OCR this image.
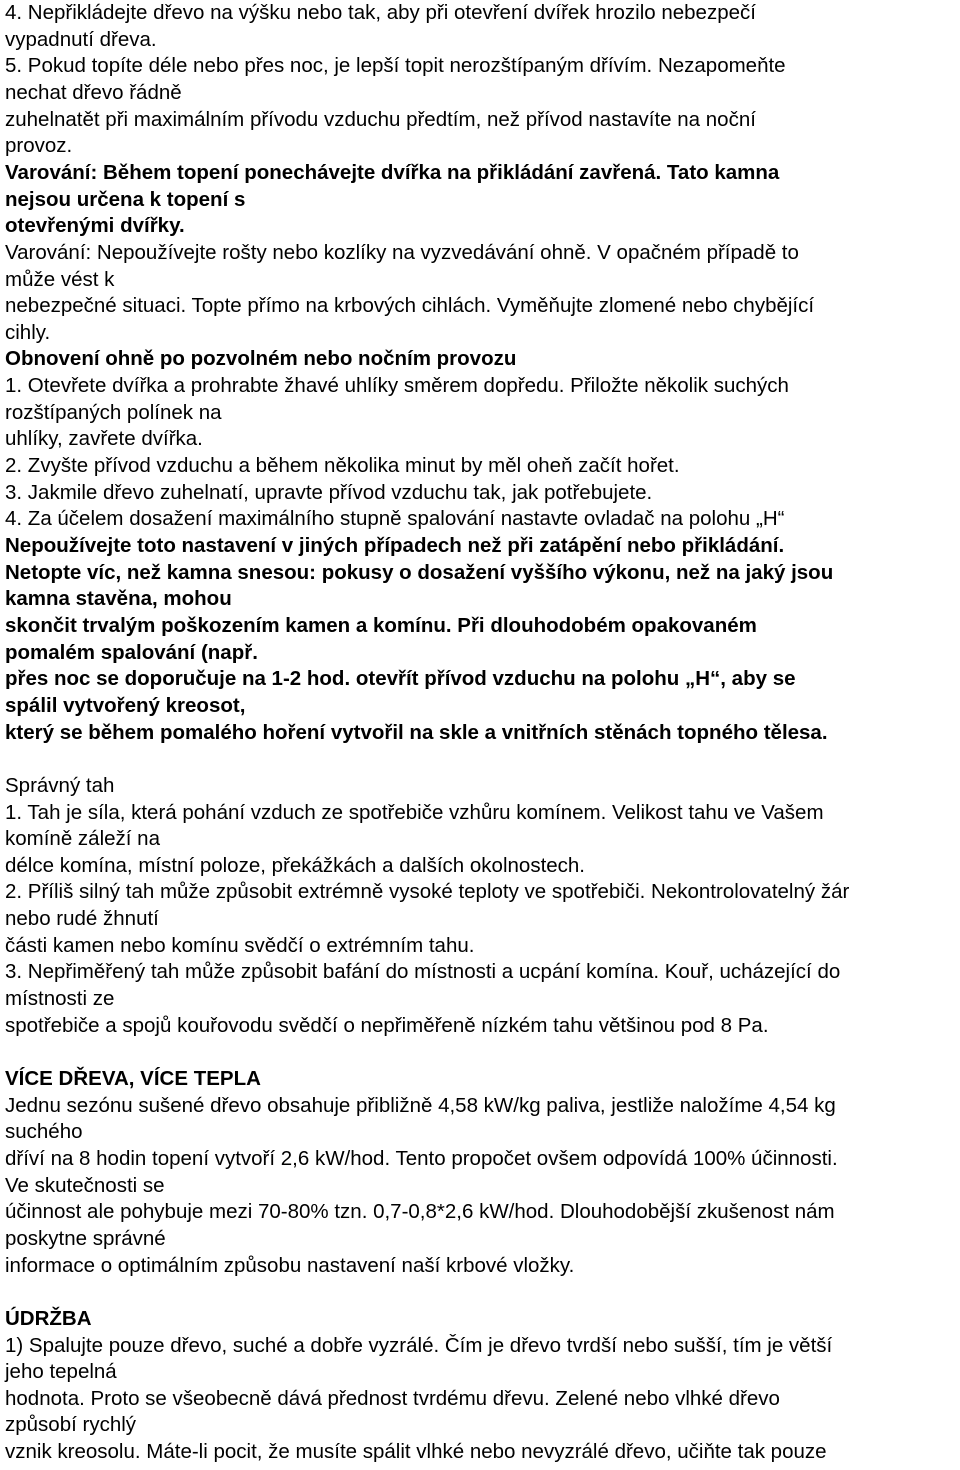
4. Nepřikládejte dřevo na výšku nebo tak, aby při otevření dvířek hrozilo nebezpečí

vypadnutí dřeva.

5. Pokud topíte déle nebo přes noc, je lepší topit nerozštípaným dřívím. Nezapomeňte

nechat dřevo řádně

zuhelnatět při maximálním přívodu vzduchu předtím, než přívod nastavíte na noční

provoz.

Varování: Během topení ponechávejte dvířka na přikládání zavřená. Tato kamna

nejsou určena k topení s

otevřenými dvířky.

Varování: Nepoužívejte rošty nebo kozlíky na vyzvedávání ohně. V opačném případě to

může vést k

nebezpečné situaci. Topte přímo na krbových cihlách. Vyměňujte zlomené nebo chybějící

cihly.

Obnovení ohně po pozvolném nebo nočním provozu

1. Otevřete dvířka a prohrabte žhavé uhlíky směrem dopředu. Přiložte několik suchých

rozštípaných polínek na

uhlíky, zavřete dvířka.

2. Zvyšte přívod vzduchu a během několika minut by měl oheň začít hořet.

3. Jakmile dřevo zuhelnatí, upravte přívod vzduchu tak, jak potřebujete.

4. Za účelem dosažení maximálního stupně spalování nastavte ovladač na polohu „H“

Nepoužívejte toto nastavení v jiných případech než při zatápění nebo přikládání.

Netopte víc, než kamna snesou: pokusy o dosažení vyššího výkonu, než na jaký jsou

kamna stavěna, mohou

skončit trvalým poškozením kamen a komínu. Při dlouhodobém opakovaném

pomalém spalování (např.

přes noc se doporučuje na 1-2 hod. otevřít přívod vzduchu na polohu „H“, aby se

spálil vytvořený kreosot,

který se během pomalého hoření vytvořil na skle a vnitřních stěnách topného tělesa.

Správný tah

1. Tah je síla, která pohání vzduch ze spotřebiče vzhůru komínem. Velikost tahu ve Vašem

komíně záleží na

délce komína, místní poloze, překážkách a dalších okolnostech.

2. Příliš silný tah může způsobit extrémně vysoké teploty ve spotřebiči. Nekontrolovatelný žár

nebo rudé žhnutí

části kamen nebo komínu svědčí o extrémním tahu.

3. Nepřiměřený tah může způsobit bafání do místnosti a ucpání komína. Kouř, ucházející do

místnosti ze

spotřebiče a spojů kouřovodu svědčí o nepřiměřeně nízkém tahu většinou pod 8 Pa.

VÍCE DŘEVA, VÍCE TEPLA

Jednu sezónu sušené dřevo obsahuje přibližně 4,58 kW/kg paliva, jestliže naložíme 4,54 kg

suchého

dříví na 8 hodin topení vytvoří 2,6 kW/hod. Tento propočet ovšem odpovídá 100% účinnosti.

Ve skutečnosti se

účinnost ale pohybuje mezi 70-80% tzn. 0,7-0,8*2,6 kW/hod. Dlouhodobější zkušenost nám

poskytne správné

informace o optimálním způsobu nastavení naší krbové vložky.

ÚDRŽBA

1) Spalujte pouze dřevo, suché a dobře vyzrálé. Čím je dřevo tvrdší nebo sušší, tím je větší

jeho tepelná

hodnota. Proto se všeobecně dává přednost tvrdému dřevu. Zelené nebo vlhké dřevo

způsobí rychlý

vznik kreosolu. Máte-li pocit, že musíte spálit vlhké nebo nevyzrálé dřevo, učiňte tak pouze
